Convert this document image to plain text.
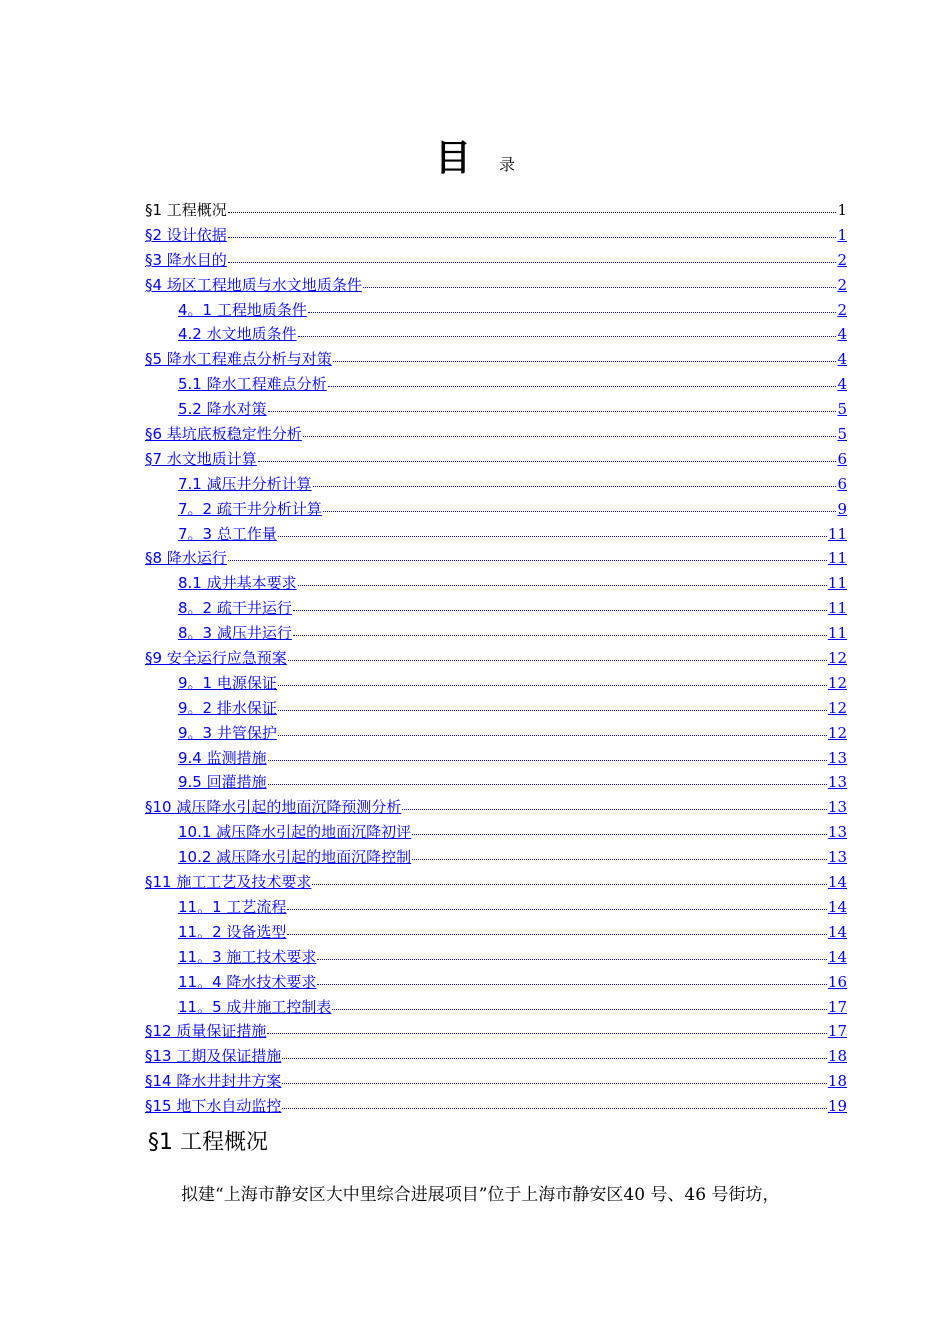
目 录
§1 工程概况	1
§2 设计依据	1
§3 降水目的	2
§4 场区工程地质与水文地质条件	2
4。1 工程地质条件	2
4.2 水文地质条件	4
§5 降水工程难点分析与对策	4
5.1 降水工程难点分析	4
5.2 降水对策	5
§6 基坑底板稳定性分析	5
§7 水文地质计算	6
7.1 减压井分析计算	6
7。2 疏干井分析计算	9
7。3 总工作量	11
§8 降水运行	11
8.1 成井基本要求	11
8。2 疏干井运行	11
8。3 减压井运行	11
§9 安全运行应急预案	12
9。1 电源保证	12
9。2 排水保证	12
9。3 井管保护	12
9.4 监测措施	13
9.5 回灌措施	13
§10 减压降水引起的地面沉降预测分析	13
10.1 减压降水引起的地面沉降初评	13
10.2 减压降水引起的地面沉降控制	13
§11 施工工艺及技术要求	14
11。1 工艺流程	14
11。2 设备选型	14
11。3 施工技术要求	14
11。4 降水技术要求	16
11。5 成井施工控制表	17
§12 质量保证措施	17
§13 工期及保证措施	18
§14 降水井封井方案	18
§15 地下水自动监控	19
§1 工程概况
拟建“上海市静安区大中里综合进展项目”位于上海市静安区40 号、46 号街坊，
